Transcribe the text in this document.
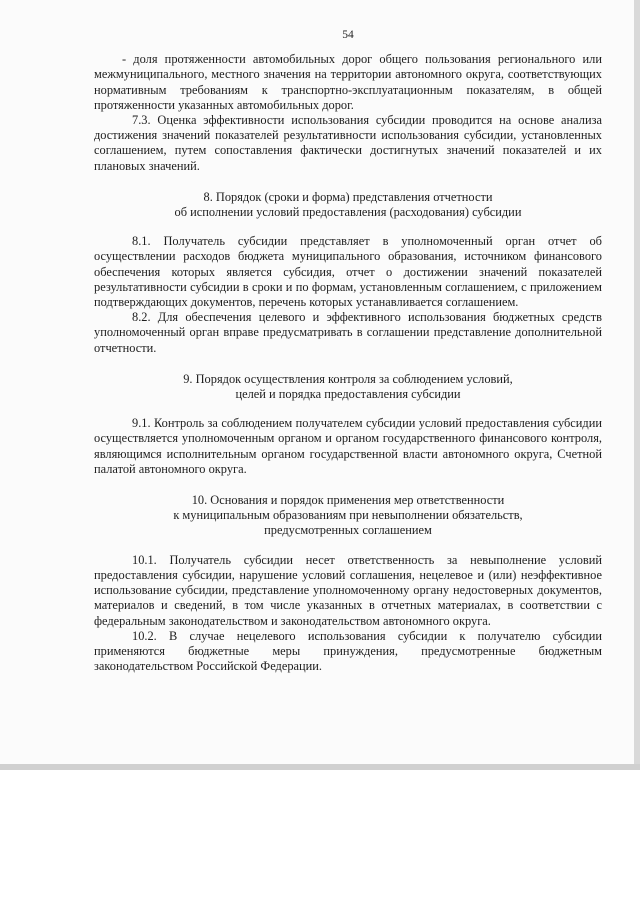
54

- доля протяженности автомобильных дорог общего пользования регионального или межмуниципального, местного значения на территории автономного округа, соответствующих нормативным требованиям к транспортно-эксплуатационным показателям, в общей протяженности указанных автомобильных дорог.

7.3. Оценка эффективности использования субсидии проводится на основе анализа достижения значений показателей результативности использования субсидии, установленных соглашением, путем сопоставления фактически достигнутых значений показателей и их плановых значений.

8. Порядок (сроки и форма) представления отчетности
об исполнении условий предоставления (расходования) субсидии

8.1. Получатель субсидии представляет в уполномоченный орган отчет об осуществлении расходов бюджета муниципального образования, источником финансового обеспечения которых является субсидия, отчет о достижении значений показателей результативности субсидии в сроки и по формам, установленным соглашением, с приложением подтверждающих документов, перечень которых устанавливается соглашением.

8.2. Для обеспечения целевого и эффективного использования бюджетных средств уполномоченный орган вправе предусматривать в соглашении представление дополнительной отчетности.

9. Порядок осуществления контроля за соблюдением условий,
целей и порядка предоставления субсидии

9.1. Контроль за соблюдением получателем субсидии условий предоставления субсидии осуществляется уполномоченным органом и органом государственного финансового контроля, являющимся исполнительным органом государственной власти автономного округа, Счетной палатой автономного округа.

10. Основания и порядок применения мер ответственности
к муниципальным образованиям при невыполнении обязательств,
предусмотренных соглашением

10.1. Получатель субсидии несет ответственность за невыполнение условий предоставления субсидии, нарушение условий соглашения, нецелевое и (или) неэффективное использование субсидии, представление уполномоченному органу недостоверных документов, материалов и сведений, в том числе указанных в отчетных материалах, в соответствии с федеральным законодательством и законодательством автономного округа.

10.2. В случае нецелевого использования субсидии к получателю субсидии применяются бюджетные меры принуждения, предусмотренные бюджетным законодательством Российской Федерации.
